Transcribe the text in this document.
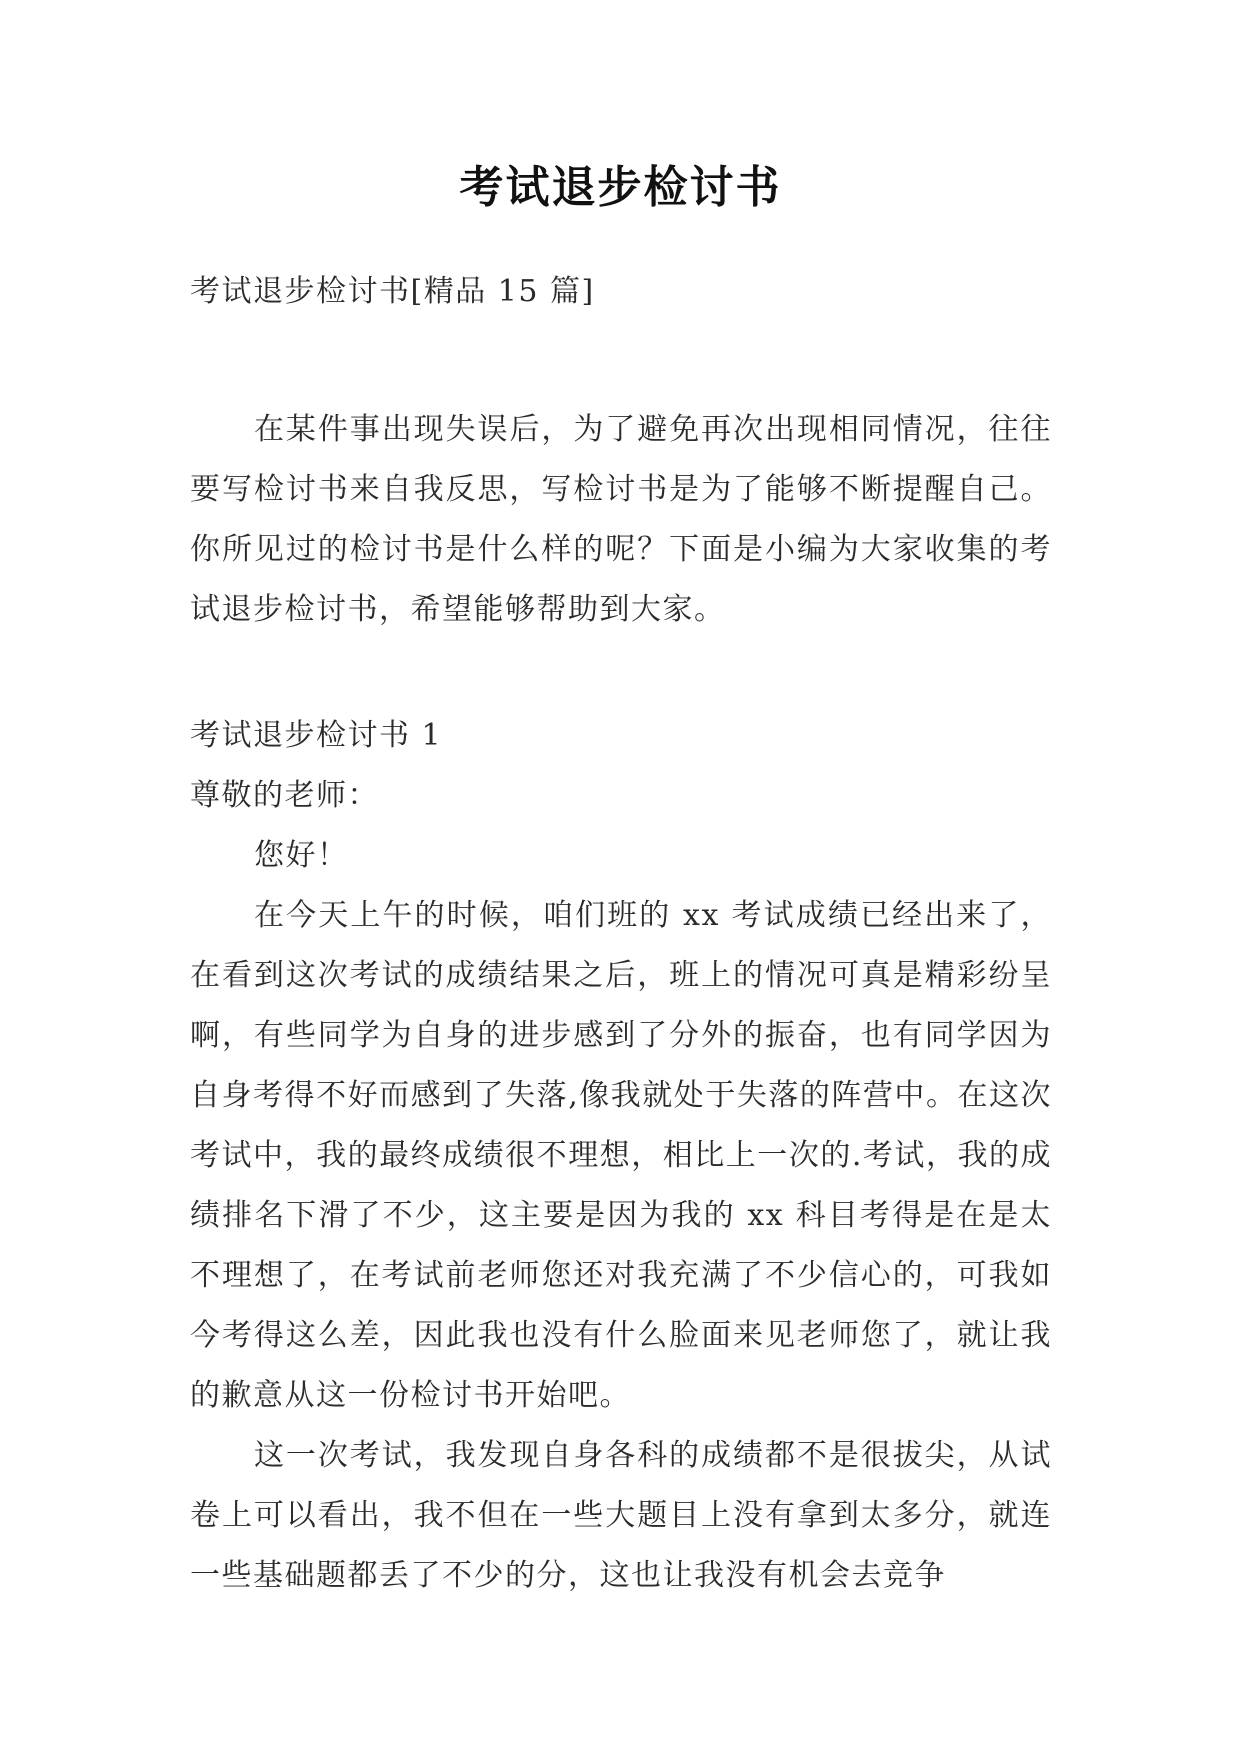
考试退步检讨书

考试退步检讨书[精品 15 篇]

在某件事出现失误后，为了避免再次出现相同情况，往往要写检讨书来自我反思，写检讨书是为了能够不断提醒自己。你所见过的检讨书是什么样的呢？下面是小编为大家收集的考试退步检讨书，希望能够帮助到大家。

考试退步检讨书 1

尊敬的老师：

您好！

在今天上午的时候，咱们班的 xx 考试成绩已经出来了，在看到这次考试的成绩结果之后，班上的情况可真是精彩纷呈啊，有些同学为自身的进步感到了分外的振奋，也有同学因为自身考得不好而感到了失落,像我就处于失落的阵营中。在这次考试中，我的最终成绩很不理想，相比上一次的.考试，我的成绩排名下滑了不少，这主要是因为我的 xx 科目考得是在是太不理想了，在考试前老师您还对我充满了不少信心的，可我如今考得这么差，因此我也没有什么脸面来见老师您了，就让我的歉意从这一份检讨书开始吧。

这一次考试，我发现自身各科的成绩都不是很拔尖，从试卷上可以看出，我不但在一些大题目上没有拿到太多分，就连一些基础题都丢了不少的分，这也让我没有机会去竞争
